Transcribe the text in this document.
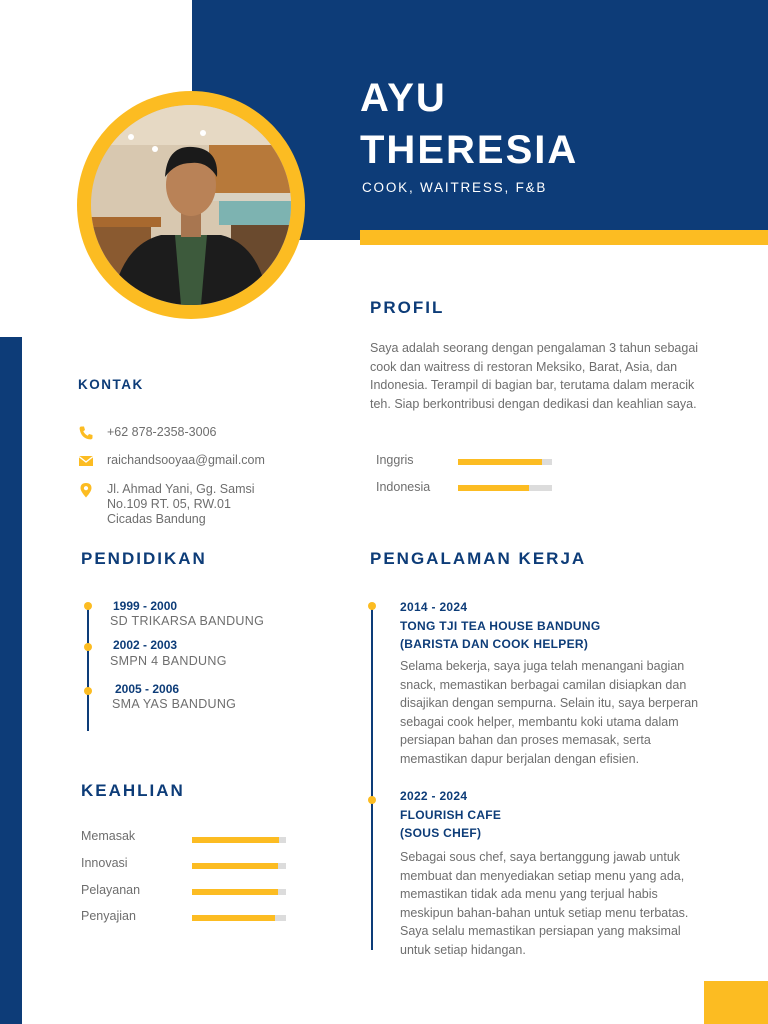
AYU
THERESIA
COOK, WAITRESS, F&B
PROFIL
Saya adalah seorang dengan pengalaman 3 tahun sebagai cook dan waitress di restoran Meksiko, Barat, Asia, dan Indonesia. Terampil di bagian bar, terutama dalam meracik teh. Siap berkontribusi dengan dedikasi dan keahlian saya.
Inggris
Indonesia
KONTAK
+62 878-2358-3006
raichandsooyaa@gmail.com
Jl. Ahmad Yani, Gg. Samsi
No.109 RT. 05, RW.01
Cicadas Bandung
PENDIDIKAN
1999 - 2000
SD TRIKARSA BANDUNG
2002 - 2003
SMPN 4 BANDUNG
2005 - 2006
SMA YAS BANDUNG
KEAHLIAN
Memasak
Innovasi
Pelayanan
Penyajian
PENGALAMAN KERJA
2014 - 2024
TONG TJI TEA HOUSE BANDUNG
(BARISTA DAN COOK HELPER)
Selama bekerja, saya juga telah menangani bagian snack, memastikan berbagai camilan disiapkan dan disajikan dengan sempurna. Selain itu, saya berperan sebagai cook helper, membantu koki utama dalam persiapan bahan dan proses memasak, serta memastikan dapur berjalan dengan efisien.
2022 - 2024
FLOURISH CAFE
(SOUS CHEF)
Sebagai sous chef, saya bertanggung jawab untuk membuat dan menyediakan setiap menu yang ada, memastikan tidak ada menu yang terjual habis meskipun bahan-bahan untuk setiap menu terbatas. Saya selalu memastikan persiapan yang maksimal untuk setiap hidangan.
